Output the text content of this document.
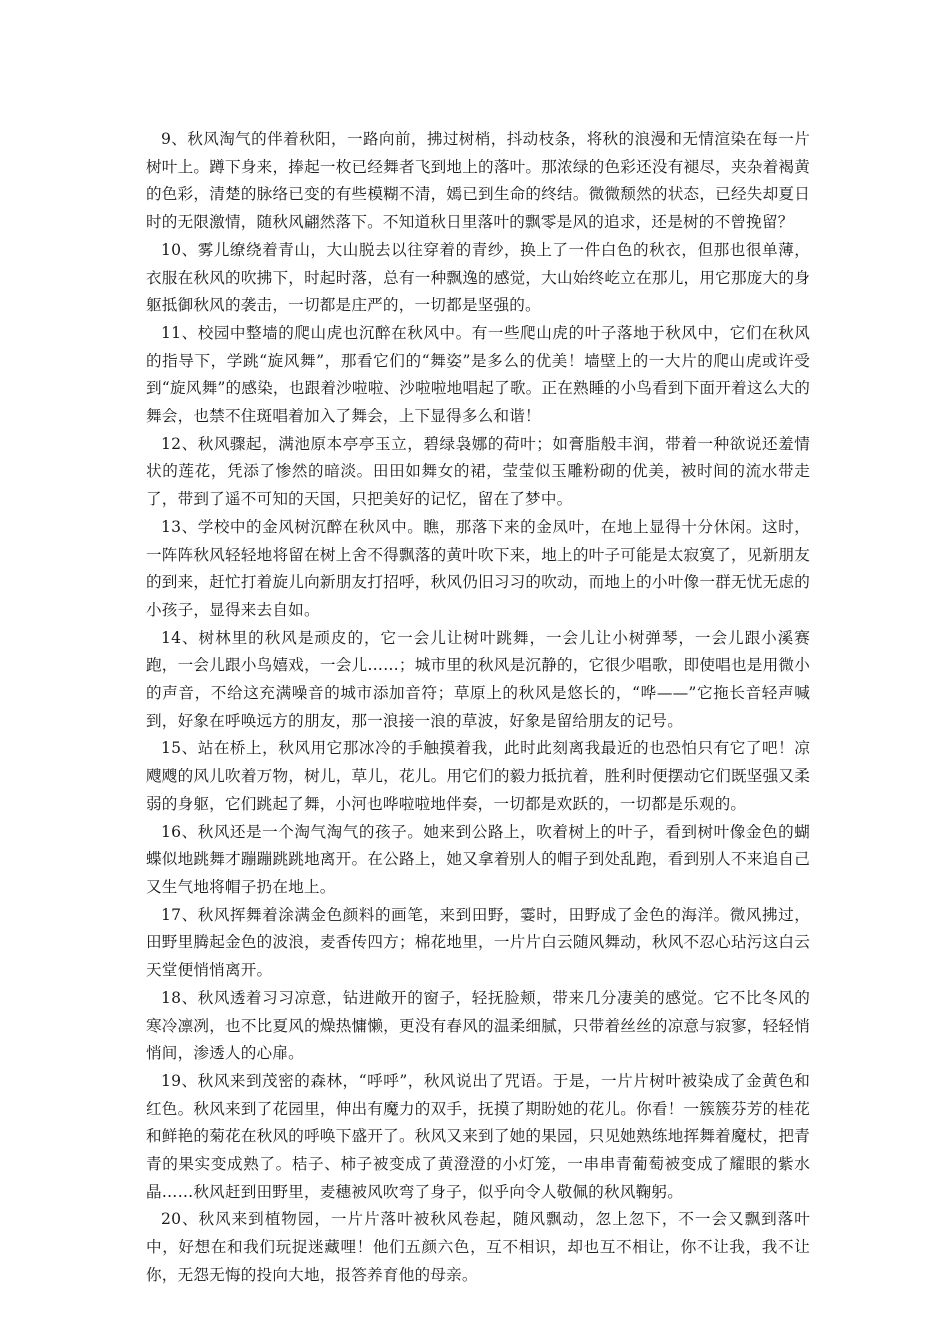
9、秋风淘气的伴着秋阳，一路向前，拂过树梢，抖动枝条，将秋的浪漫和无情渲染在每一片树叶上。蹲下身来，捧起一枚已经舞者飞到地上的落叶。那浓绿的色彩还没有褪尽，夹杂着褐黄的色彩，清楚的脉络已变的有些模糊不清，嫣已到生命的终结。微微颓然的状态，已经失却夏日时的无限激情，随秋风翩然落下。不知道秋日里落叶的飘零是风的追求，还是树的不曾挽留？

10、雾儿缭绕着青山，大山脱去以往穿着的青纱，换上了一件白色的秋衣，但那也很单薄，衣服在秋风的吹拂下，时起时落，总有一种飘逸的感觉，大山始终屹立在那儿，用它那庞大的身躯抵御秋风的袭击，一切都是庄严的，一切都是坚强的。

11、校园中整墙的爬山虎也沉醉在秋风中。有一些爬山虎的叶子落地于秋风中，它们在秋风的指导下，学跳“旋风舞”，那看它们的“舞姿”是多么的优美！墙壁上的一大片的爬山虎或许受到“旋风舞”的感染，也跟着沙啦啦、沙啦啦地唱起了歌。正在熟睡的小鸟看到下面开着这么大的舞会，也禁不住斑唱着加入了舞会，上下显得多么和谐！

12、秋风骤起，满池原本亭亭玉立，碧绿袅娜的荷叶；如膏脂般丰润，带着一种欲说还羞情状的莲花，凭添了惨然的暗淡。田田如舞女的裙，莹莹似玉雕粉砌的优美，被时间的流水带走了，带到了遥不可知的天国，只把美好的记忆，留在了梦中。

13、学校中的金风树沉醉在秋风中。瞧，那落下来的金凤叶，在地上显得十分休闲。这时，一阵阵秋风轻轻地将留在树上舍不得飘落的黄叶吹下来，地上的叶子可能是太寂寞了，见新朋友的到来，赶忙打着旋儿向新朋友打招呼，秋风仍旧习习的吹动，而地上的小叶像一群无忧无虑的小孩子，显得来去自如。

14、树林里的秋风是顽皮的，它一会儿让树叶跳舞，一会儿让小树弹琴，一会儿跟小溪赛跑，一会儿跟小鸟嬉戏，一会儿……；城市里的秋风是沉静的，它很少唱歌，即使唱也是用微小的声音，不给这充满噪音的城市添加音符；草原上的秋风是悠长的，“哗——”它拖长音轻声喊到，好象在呼唤远方的朋友，那一浪接一浪的草波，好象是留给朋友的记号。

15、站在桥上，秋风用它那冰冷的手触摸着我，此时此刻离我最近的也恐怕只有它了吧！凉飕飕的风儿吹着万物，树儿，草儿，花儿。用它们的毅力抵抗着，胜利时便摆动它们既坚强又柔弱的身躯，它们跳起了舞，小河也哗啦啦地伴奏，一切都是欢跃的，一切都是乐观的。

16、秋风还是一个淘气淘气的孩子。她来到公路上，吹着树上的叶子，看到树叶像金色的蝴蝶似地跳舞才蹦蹦跳跳地离开。在公路上，她又拿着别人的帽子到处乱跑，看到别人不来追自己又生气地将帽子扔在地上。

17、秋风挥舞着涂满金色颜料的画笔，来到田野，霎时，田野成了金色的海洋。微风拂过，田野里腾起金色的波浪，麦香传四方；棉花地里，一片片白云随风舞动，秋风不忍心玷污这白云天堂便悄悄离开。

18、秋风透着习习凉意，钻进敞开的窗子，轻抚脸颊，带来几分凄美的感觉。它不比冬风的寒冷凛冽，也不比夏风的燥热慵懒，更没有春风的温柔细腻，只带着丝丝的凉意与寂寥，轻轻悄悄间，渗透人的心扉。

19、秋风来到茂密的森林，“呼呼”，秋风说出了咒语。于是，一片片树叶被染成了金黄色和红色。秋风来到了花园里，伸出有魔力的双手，抚摸了期盼她的花儿。你看！一簇簇芬芳的桂花和鲜艳的菊花在秋风的呼唤下盛开了。秋风又来到了她的果园，只见她熟练地挥舞着魔杖，把青青的果实变成熟了。桔子、柿子被变成了黄澄澄的小灯笼，一串串青葡萄被变成了耀眼的紫水晶……秋风赶到田野里，麦穗被风吹弯了身子，似乎向令人敬佩的秋风鞠躬。

20、秋风来到植物园，一片片落叶被秋风卷起，随风飘动，忽上忽下，不一会又飘到落叶中，好想在和我们玩捉迷藏哩！他们五颜六色，互不相识，却也互不相让，你不让我，我不让你，无怨无悔的投向大地，报答养育他的母亲。
